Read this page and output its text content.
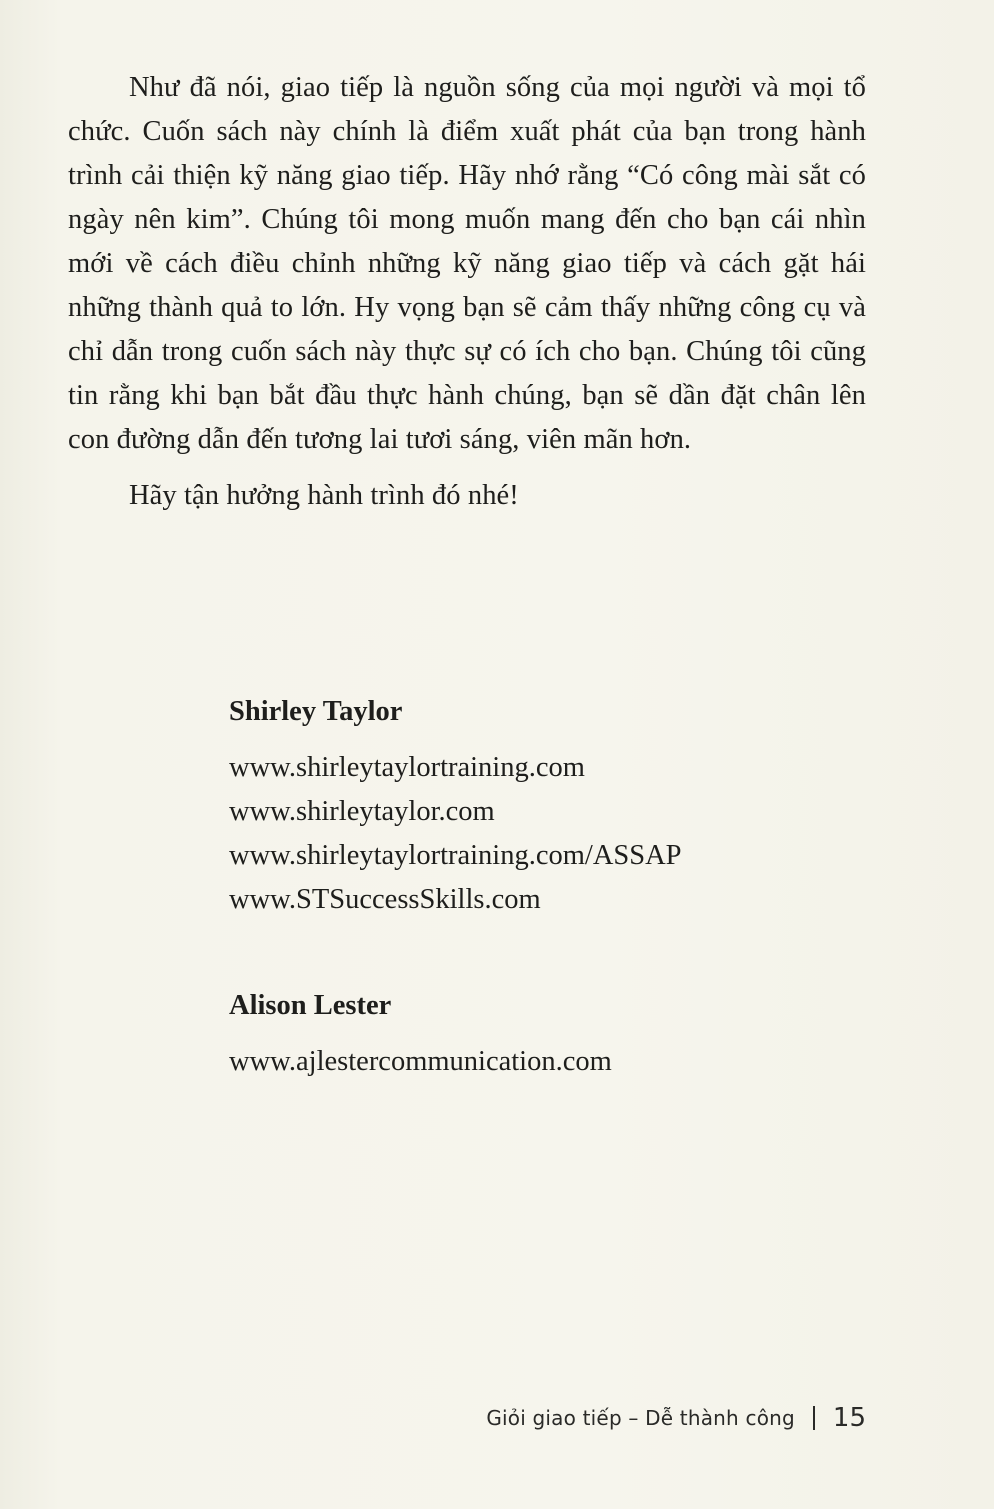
Như đã nói, giao tiếp là nguồn sống của mọi người và mọi tổ chức. Cuốn sách này chính là điểm xuất phát của bạn trong hành trình cải thiện kỹ năng giao tiếp. Hãy nhớ rằng “Có công mài sắt có ngày nên kim”. Chúng tôi mong muốn mang đến cho bạn cái nhìn mới về cách điều chỉnh những kỹ năng giao tiếp và cách gặt hái những thành quả to lớn. Hy vọng bạn sẽ cảm thấy những công cụ và chỉ dẫn trong cuốn sách này thực sự có ích cho bạn. Chúng tôi cũng tin rằng khi bạn bắt đầu thực hành chúng, bạn sẽ dần đặt chân lên con đường dẫn đến tương lai tươi sáng, viên mãn hơn.

Hãy tận hưởng hành trình đó nhé!

Shirley Taylor

www.shirleytaylortraining.com

www.shirleytaylor.com

www.shirleytaylortraining.com/ASSAP

www.STSuccessSkills.com

Alison Lester

www.ajlestercommunication.com

Giỏi giao tiếp – Dễ thành công 15
